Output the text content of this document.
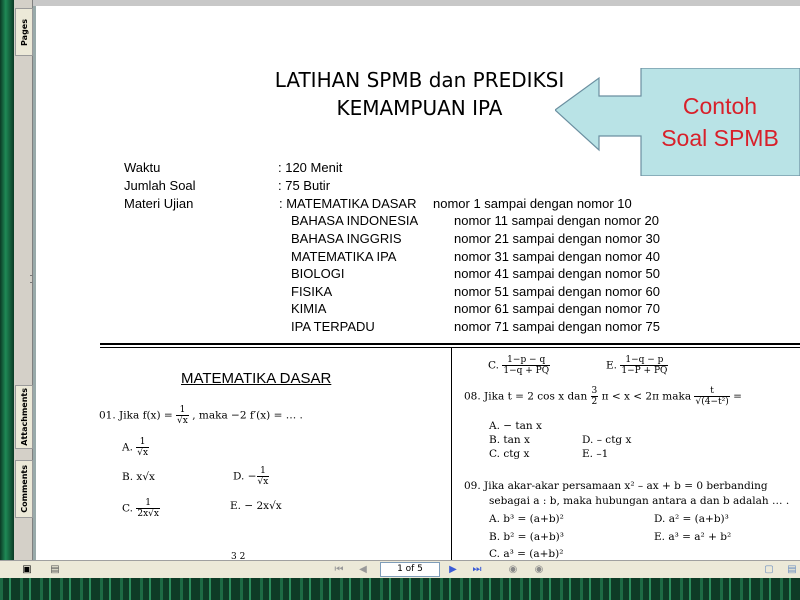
Pages
Attachments
Comments
LATIHAN SPMB dan PREDIKSI
KEMAMPUAN IPA
Waktu	: 120 Menit
Jumlah Soal	: 75 Butir
Materi Ujian	: MATEMATIKA DASAR nomor 1 sampai dengan nomor 10
BAHASA INDONESIA	nomor 11 sampai dengan nomor 20
BAHASA INGGRIS	nomor 21 sampai dengan nomor 30
MATEMATIKA IPA	nomor 31 sampai dengan nomor 40
BIOLOGI	nomor 41 sampai dengan nomor 50
FISIKA	nomor 51 sampai dengan nomor 60
KIMIA	nomor 61 sampai dengan nomor 70
IPA TERPADU	nomor 71 sampai dengan nomor 75
MATEMATIKA DASAR
01. Jika $f(x) = \frac{1}{√x}$ , maka −2 f′(x) = … .
A. $\frac{1}{√x}$
B. x√x	D. − $\frac{1}{√x}$
C. $\frac{1}{2x√x}$	E. − 2x√x
3 2
C. $\frac{1-p - q}{1-q + PQ}$	E. $\frac{1-q - p}{1-P + PQ}$
08. Jika t = 2 cos x dan $\frac{3}{2}$ π < x < 2π maka $\frac{t}{\text{√(4−t²)}}$ =
A. − tan x
B. tan x	D. – ctg x
C. ctg x	E. –1
09. Jika akar-akar persamaan x² – ax + b = 0 berbanding
sebagai a : b, maka hubungan antara a dan b adalah … .
A. b³ = (a+b)²	D. a² = (a+b)³
B. b² = (a+b)³	E. a³ = a² + b²
C. a³ = (a+b)²
Contoh
Soal SPMB
▣ ▤	⏮	◀	1 of 5	▶	⏭	◉ ◉	▢ ▤
